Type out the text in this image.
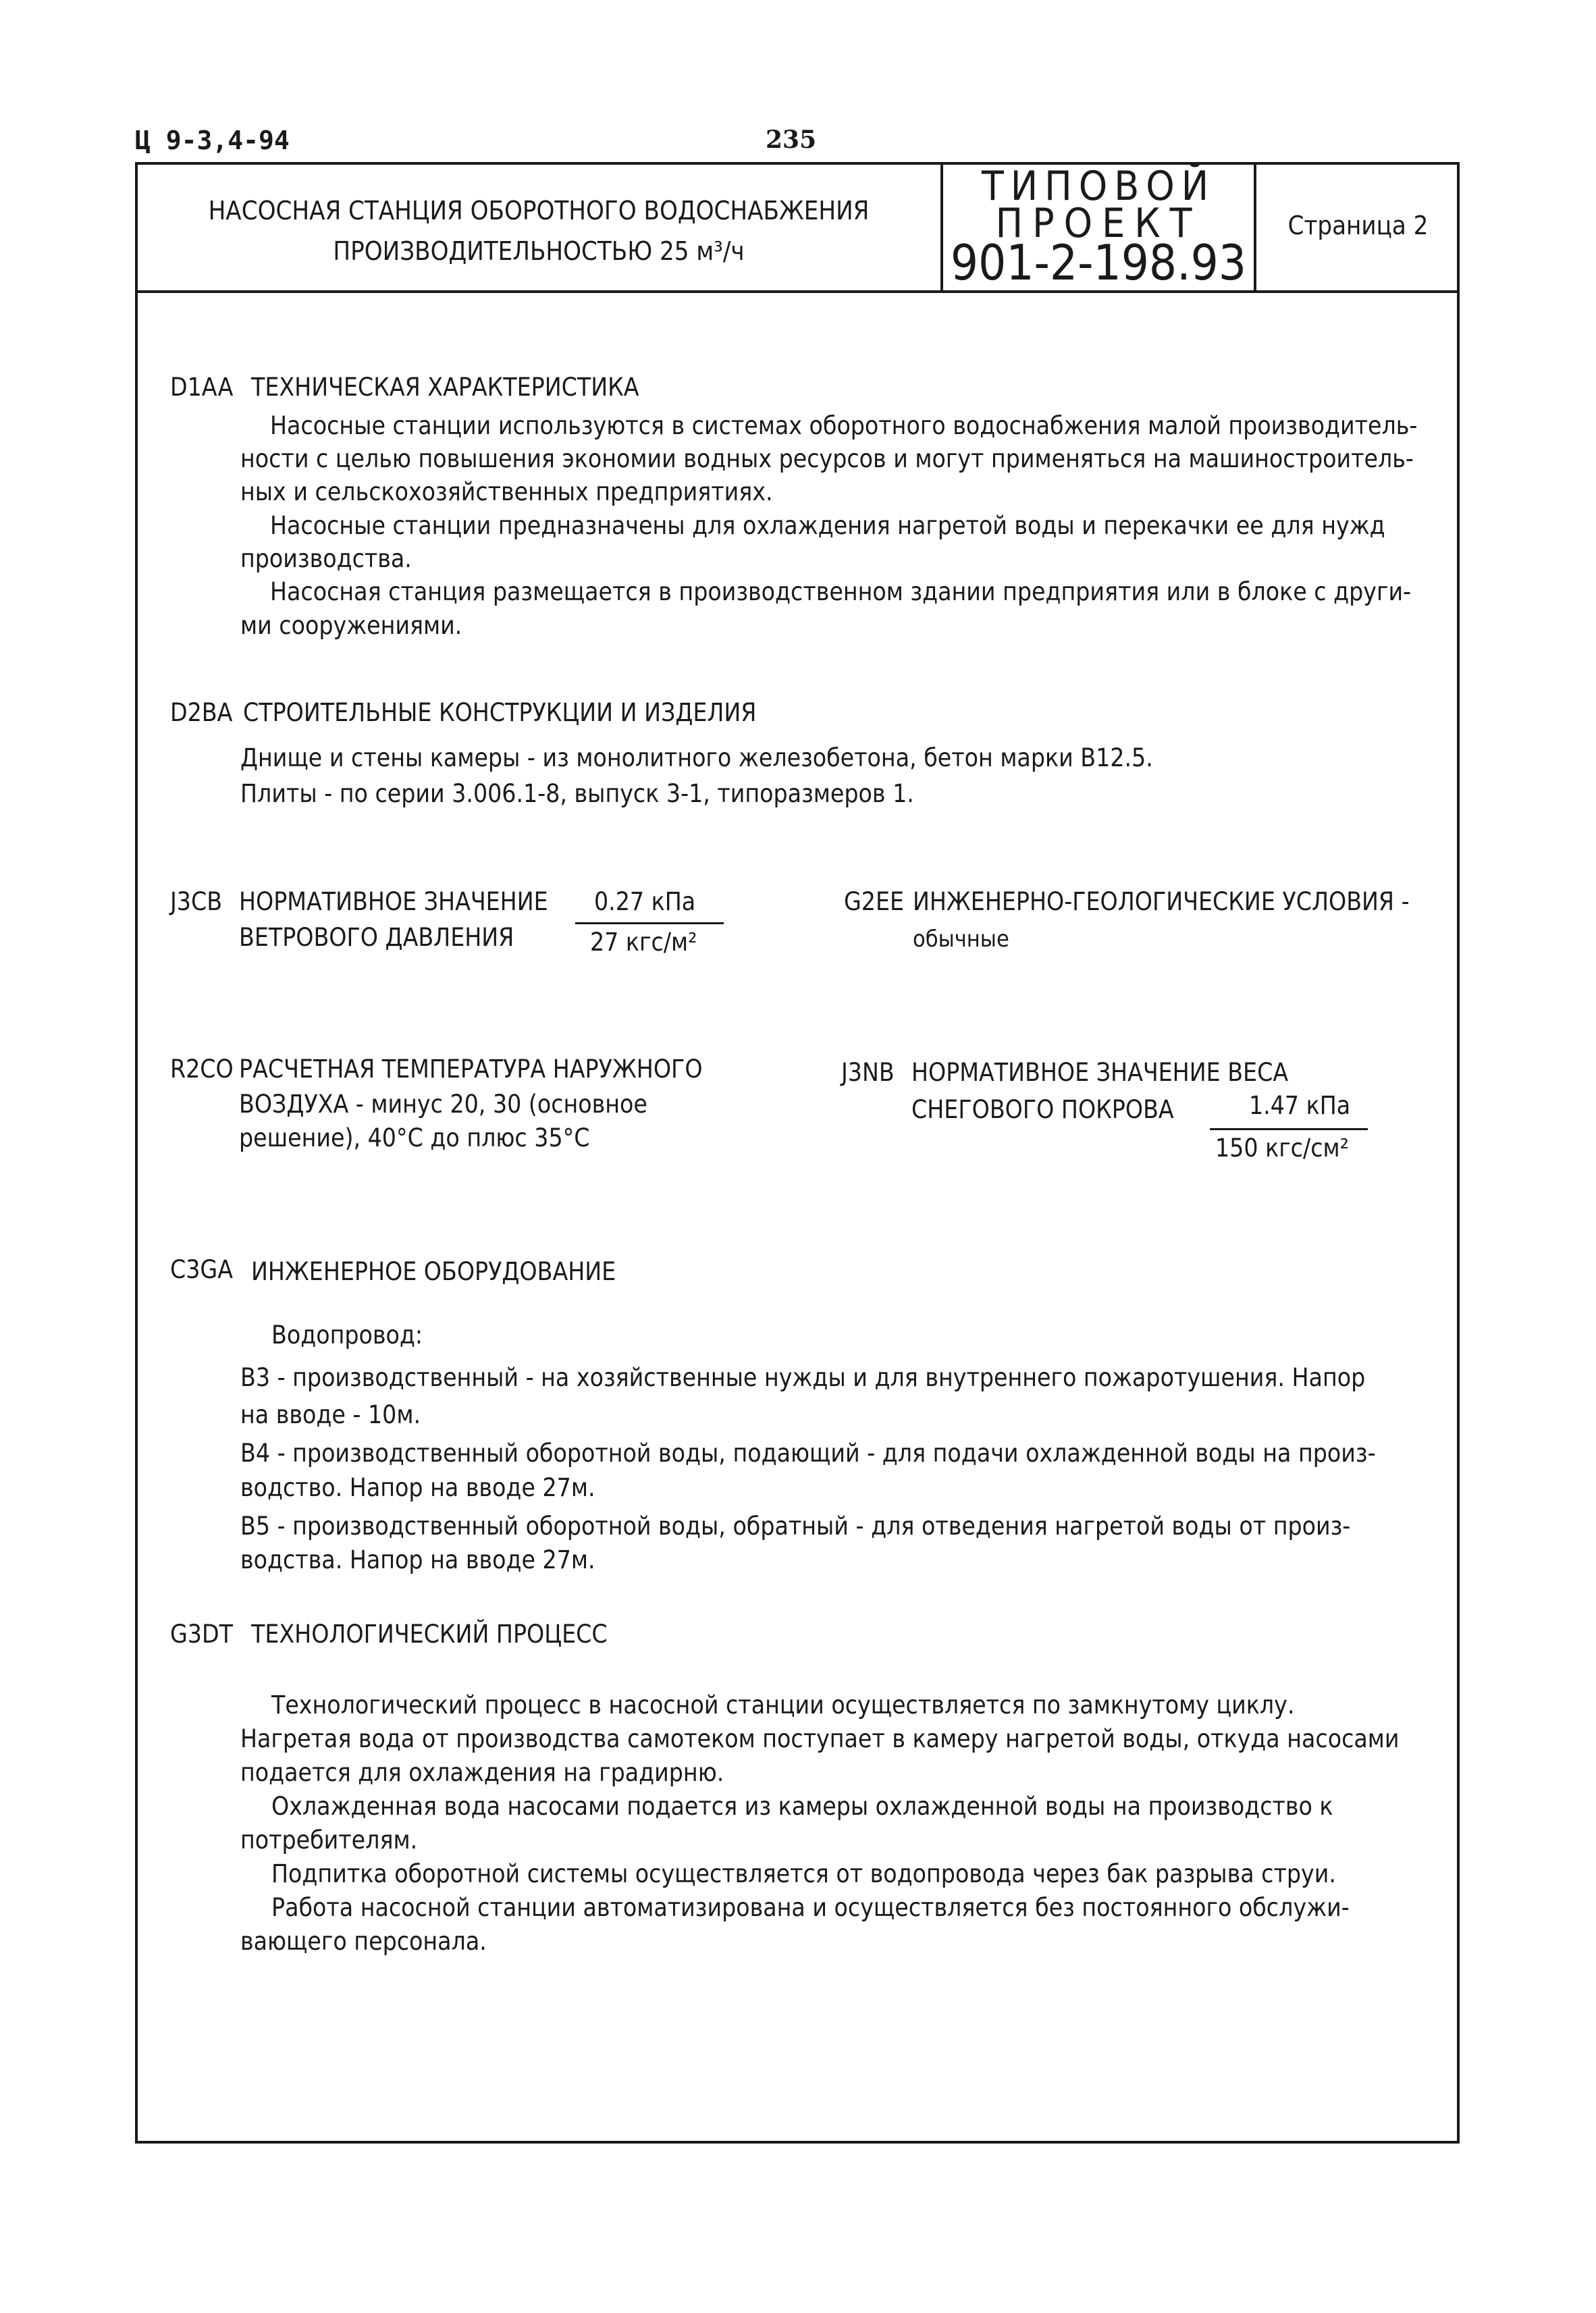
Ц 9-3,4-94	235
НАСОСНАЯ СТАНЦИЯ ОБОРОТНОГО ВОДОСНАБЖЕНИЯ
ПРОИЗВОДИТЕЛЬНОСТЬЮ 25 м³/ч
ТИПОВОЙ
ПРОЕКТ
901-2-198.93
Страница 2
D1AA ТЕХНИЧЕСКАЯ ХАРАКТЕРИСТИКА
Насосные станции используются в системах оборотного водоснабжения малой производитель-
ности с целью повышения экономии водных ресурсов и могут применяться на машиностроитель-
ных и сельскохозяйственных предприятиях.
Насосные станции предназначены для охлаждения нагретой воды и перекачки ее для нужд
производства.
Насосная станция размещается в производственном здании предприятия или в блоке с други-
ми сооружениями.
D2BA СТРОИТЕЛЬНЫЕ КОНСТРУКЦИИ И ИЗДЕЛИЯ
Днище и стены камеры - из монолитного железобетона, бетон марки В12.5.
Плиты - по серии 3.006.1-8, выпуск 3-1, типоразмеров 1.
J3CB НОРМАТИВНОЕ ЗНАЧЕНИЕ
ВЕТРОВОГО ДАВЛЕНИЯ
0.27 кПа
27 кгс/м²
G2EE ИНЖЕНЕРНО-ГЕОЛОГИЧЕСКИЕ УСЛОВИЯ -
обычные
R2CO РАСЧЕТНАЯ ТЕМПЕРАТУРА НАРУЖНОГО
ВОЗДУХА - минус 20, 30 (основное
решение), 40°С до плюс 35°С
J3NB НОРМАТИВНОЕ ЗНАЧЕНИЕ ВЕСА
СНЕГОВОГО ПОКРОВА	1.47 кПа
150 кгс/см²
C3GA ИНЖЕНЕРНОЕ ОБОРУДОВАНИЕ
Водопровод:
В3 - производственный - на хозяйственные нужды и для внутреннего пожаротушения. Напор
на вводе - 10м.
В4 - производственный оборотной воды, подающий - для подачи охлажденной воды на произ-
водство. Напор на вводе 27м.
В5 - производственный оборотной воды, обратный - для отведения нагретой воды от произ-
водства. Напор на вводе 27м.
G3DT ТЕХНОЛОГИЧЕСКИЙ ПРОЦЕСС
Технологический процесс в насосной станции осуществляется по замкнутому циклу.
Нагретая вода от производства самотеком поступает в камеру нагретой воды, откуда насосами
подается для охлаждения на градирню.
Охлажденная вода насосами подается из камеры охлажденной воды на производство к
потребителям.
Подпитка оборотной системы осуществляется от водопровода через бак разрыва струи.
Работа насосной станции автоматизирована и осуществляется без постоянного обслужи-
вающего персонала.
